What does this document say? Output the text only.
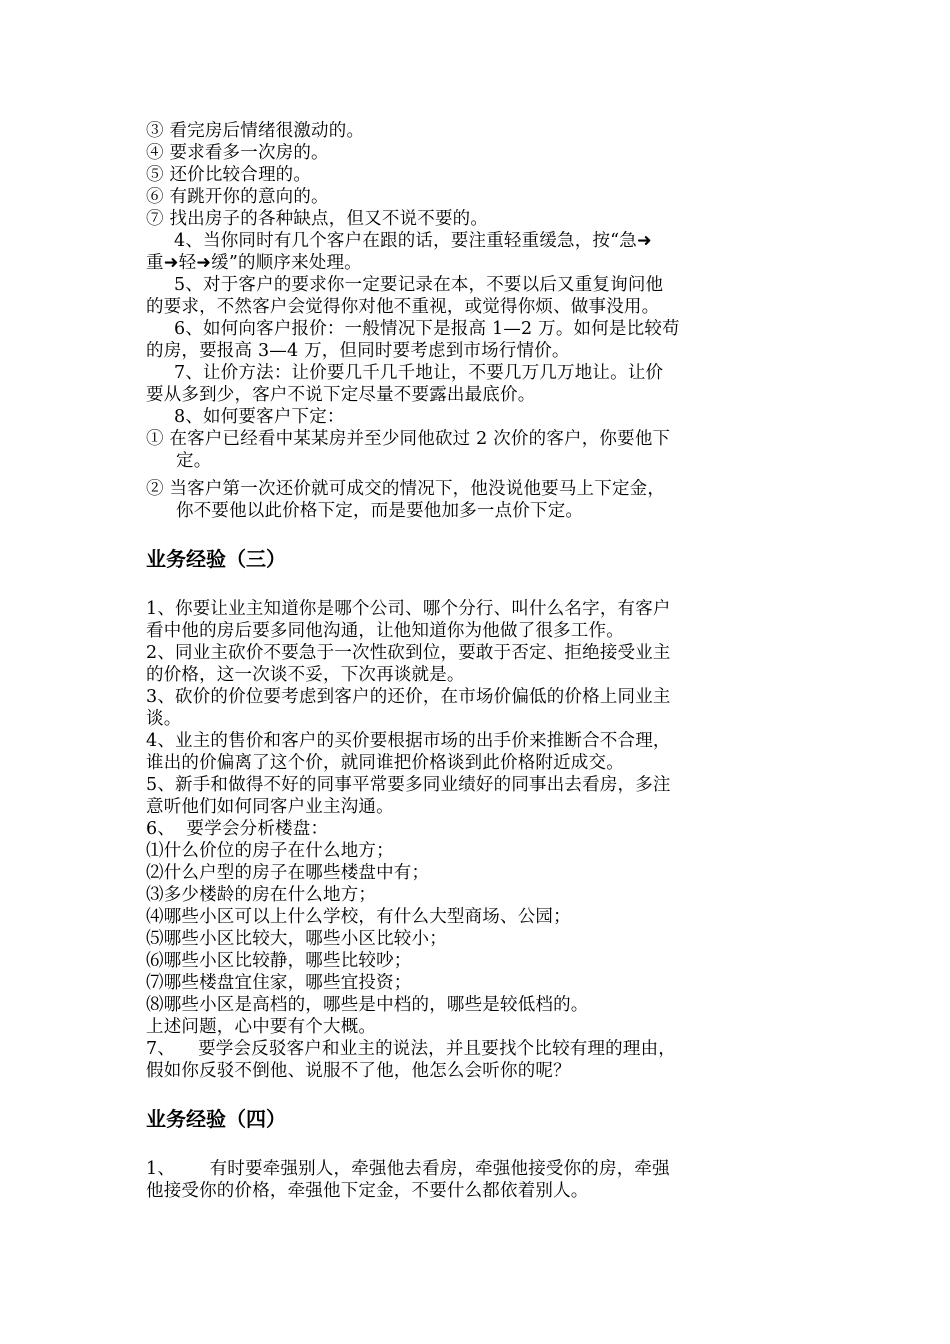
③ 看完房后情绪很激动的。
④ 要求看多一次房的。
⑤ 还价比较合理的。
⑥ 有跳开你的意向的。
⑦ 找出房子的各种缺点，但又不说不要的。
4、当你同时有几个客户在跟的话，要注重轻重缓急，按“急➜
重➜轻➜缓”的顺序来处理。
5、对于客户的要求你一定要记录在本，不要以后又重复询问他
的要求，不然客户会觉得你对他不重视，或觉得你烦、做事没用。
6、如何向客户报价：一般情况下是报高 1—2 万。如何是比较苟
的房，要报高 3—4 万，但同时要考虑到市场行情价。
7、让价方法：让价要几千几千地让，不要几万几万地让。让价
要从多到少，客户不说下定尽量不要露出最底价。
8、如何要客户下定：
① 在客户已经看中某某房并至少同他砍过 2 次价的客户，你要他下
定。
② 当客户第一次还价就可成交的情况下，他没说他要马上下定金，
你不要他以此价格下定，而是要他加多一点价下定。
业务经验（三）
1、你要让业主知道你是哪个公司、哪个分行、叫什么名字，有客户
看中他的房后要多同他沟通，让他知道你为他做了很多工作。
2、同业主砍价不要急于一次性砍到位，要敢于否定、拒绝接受业主
的价格，这一次谈不妥，下次再谈就是。
3、砍价的价位要考虑到客户的还价，在市场价偏低的价格上同业主
谈。
4、业主的售价和客户的买价要根据市场的出手价来推断合不合理，
谁出的价偏离了这个价，就同谁把价格谈到此价格附近成交。
5、新手和做得不好的同事平常要多同业绩好的同事出去看房，多注
意听他们如何同客户业主沟通。
6、  要学会分析楼盘：
⑴什么价位的房子在什么地方；
⑵什么户型的房子在哪些楼盘中有；
⑶多少楼龄的房在什么地方；
⑷哪些小区可以上什么学校，有什么大型商场、公园；
⑸哪些小区比较大，哪些小区比较小；
⑹哪些小区比较静，哪些比较吵；
⑺哪些楼盘宜住家，哪些宜投资；
⑻哪些小区是高档的，哪些是中档的，哪些是较低档的。
上述问题，心中要有个大概。
7、    要学会反驳客户和业主的说法，并且要找个比较有理的理由，
假如你反驳不倒他、说服不了他，他怎么会听你的呢？
业务经验（四）
1、      有时要牵强别人，牵强他去看房，牵强他接受你的房，牵强
他接受你的价格，牵强他下定金，不要什么都依着别人。
